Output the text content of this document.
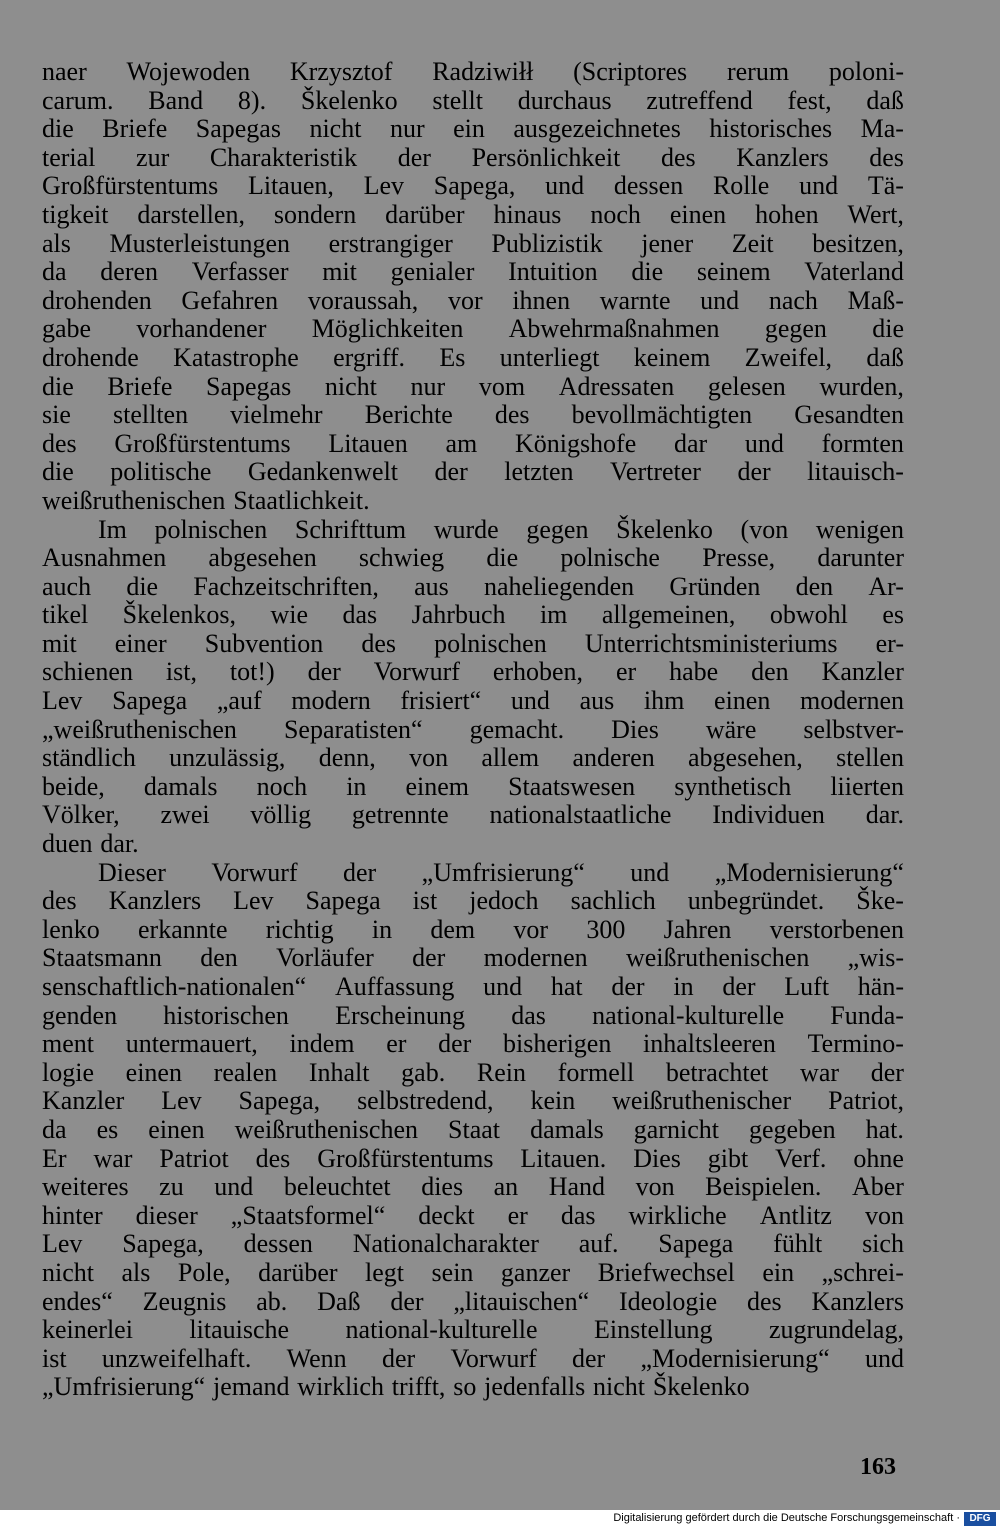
naer Wojewoden Krzysztof Radziwiłł (Scriptores rerum poloni-
carum. Band 8). Škelenko stellt durchaus zutreffend fest, daß
die Briefe Sapegas nicht nur ein ausgezeichnetes historisches Ma-
terial zur Charakteristik der Persönlichkeit des Kanzlers des
Großfürstentums Litauen, Lev Sapega, und dessen Rolle und Tä-
tigkeit darstellen, sondern darüber hinaus noch einen hohen Wert,
als Musterleistungen erstrangiger Publizistik jener Zeit besitzen,
da deren Verfasser mit genialer Intuition die seinem Vaterland
drohenden Gefahren voraussah, vor ihnen warnte und nach Maß-
gabe vorhandener Möglichkeiten Abwehrmaßnahmen gegen die
drohende Katastrophe ergriff. Es unterliegt keinem Zweifel, daß
die Briefe Sapegas nicht nur vom Adressaten gelesen wurden,
sie stellten vielmehr Berichte des bevollmächtigten Gesandten
des Großfürstentums Litauen am Königshofe dar und formten
die politische Gedankenwelt der letzten Vertreter der litauisch-
weißruthenischen Staatlichkeit.
Im polnischen Schrifttum wurde gegen Škelenko (von wenigen
Ausnahmen abgesehen schwieg die polnische Presse, darunter
auch die Fachzeitschriften, aus naheliegenden Gründen den Ar-
tikel Škelenkos, wie das Jahrbuch im allgemeinen, obwohl es
mit einer Subvention des polnischen Unterrichtsministeriums er-
schienen ist, tot!) der Vorwurf erhoben, er habe den Kanzler
Lev Sapega „auf modern frisiert“ und aus ihm einen modernen
„weißruthenischen Separatisten“ gemacht. Dies wäre selbstver-
ständlich unzulässig, denn, von allem anderen abgesehen, stellen
beide, damals noch in einem Staatswesen synthetisch liierten
Völker, zwei völlig getrennte nationalstaatliche Individuen dar.
duen dar.
Dieser Vorwurf der „Umfrisierung“ und „Modernisierung“
des Kanzlers Lev Sapega ist jedoch sachlich unbegründet. Ške-
lenko erkannte richtig in dem vor 300 Jahren verstorbenen
Staatsmann den Vorläufer der modernen weißruthenischen „wis-
senschaftlich-nationalen“ Auffassung und hat der in der Luft hän-
genden historischen Erscheinung das national-kulturelle Funda-
ment untermauert, indem er der bisherigen inhaltsleeren Termino-
logie einen realen Inhalt gab. Rein formell betrachtet war der
Kanzler Lev Sapega, selbstredend, kein weißruthenischer Patriot,
da es einen weißruthenischen Staat damals garnicht gegeben hat.
Er war Patriot des Großfürstentums Litauen. Dies gibt Verf. ohne
weiteres zu und beleuchtet dies an Hand von Beispielen. Aber
hinter dieser „Staatsformel“ deckt er das wirkliche Antlitz von
Lev Sapega, dessen Nationalcharakter auf. Sapega fühlt sich
nicht als Pole, darüber legt sein ganzer Briefwechsel ein „schrei-
endes“ Zeugnis ab. Daß der „litauischen“ Ideologie des Kanzlers
keinerlei litauische national-kulturelle Einstellung zugrundelag,
ist unzweifelhaft. Wenn der Vorwurf der „Modernisierung“ und
„Umfrisierung“ jemand wirklich trifft, so jedenfalls nicht Škelenko
163
Digitalisierung gefördert durch die Deutsche Forschungsgemeinschaft · DFG
